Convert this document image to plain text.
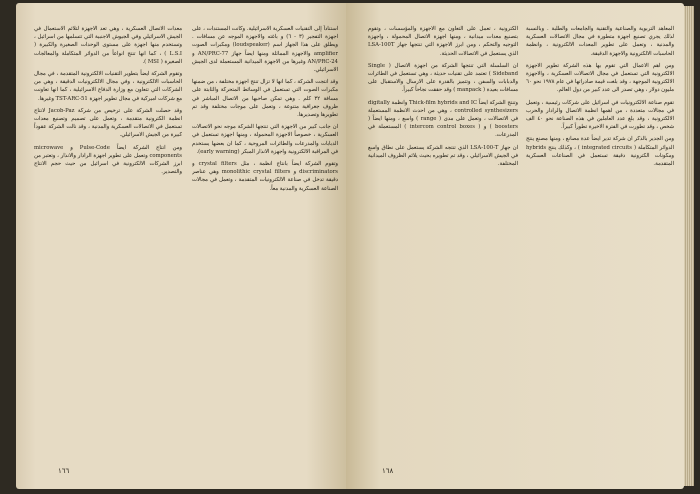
استناداً إلى التقنيات العسكرية الاسرائيلية. وكانت المستندات ، على اجهزة التفجير (٣ - ٦) و باغته والاجهزة الموجه عن مسافات . ويطلق على هذا الجهاز اسم (loudspeaker) ومكبرات الصوت amplifier والاجهزة المماثلة ومنها ايضاً جهاز AN/PRC-77 و AN/PRC-24 وغيرها من الاجهزة الميدانية المستعملة لدى الجيش الاسرائيلي.

وقد انتجت الشركة ، كما انها لا تزال تنتج اجهزة مختلفة ، من ضمنها مكبرات الصوت التي تستعمل في الوسائط المتحركة والثابتة على مسافة ٣٢ كلم . وهي تمكن صاحبها من الاتصال المباشر في ظروف جغرافية متنوعة ، وتعمل على موجات مختلفة وقد تم تطويرها وتصديرها.

ان جانب كبير من الاجهزة التي تنتجها الشركة موجه نحو الاتصالات العسكرية ، خصوصاً الاجهزة المحمولة ، ومنها اجهزة تستعمل في الدبابات والمدرعات والطائرات المروحية ، كما ان بعضها يستخدم في المراقبة الالكترونية واجهزة الانذار المبكر (early warning).

وتقوم الشركة ايضاً بانتاج انظمة ، مثل crystal filters و discriminators و monolithic crystal filters وهي عناصر دقيقة تدخل في صناعة الالكترونيات المتقدمة ، وتعمل في مجالات الصناعة العسكرية والمدنية معاً.

معدات الاتصال العسكرية ، وهي تعد الاجهزة لتلائم الاستعمال في الجيش الاسرائيلي وفي الجيوش الاجنبية التي تتسلمها من اسرائيل ، وتستخدم منها اجهزة على مستوى الوحدات الصغيرة والكبيرة ( L.S.I ) ، كما انها تنتج انواعاً من الدوائر المتكاملة والمعالجات الصغيرة ( MSI ).

وتقوم الشركة ايضاً بتطوير التقنيات الالكترونية المتقدمة ، في مجال الحاسبات الالكترونية ، وفي مجال الالكترونيات الدقيقة ، وهي من الشركات التي تتعاون مع وزارة الدفاع الاسرائيلية ، كما انها تعاونت مع شركات اميركية في مجال تطوير اجهزة TST-ARC-51 وغيرها.

وقد حصلت الشركة على ترخيص من شركة Jacob-Paz لانتاج انظمة الكترونية متقدمة ، وتعمل على تصميم وتصنيع معدات تستعمل في الاتصالات العسكرية والمدنية ، وقد نالت الشركة عقوداً كبيرة من الجيش الاسرائيلي.

ومن انتاج الشركة ايضاً Pulse-Code و microwave components وتعمل على تطوير اجهزة الرادار والانذار ، وتعتبر من ابرز الشركات الالكترونية في اسرائيل من حيث حجم الانتاج والتصدير.

١٦٦

المعاهد التربوية والصناعية والتقنية والجامعات والطلبة . وبالنسبة لذلك يجري تصنيع اجهزة متطورة في مجال الاتصالات العسكرية والمدنية ، وتعمل على تطوير المعدات الالكترونية ، وانظمة الحاسبات الالكترونية والاجهزة الدقيقة.

ومن اهم الاعمال التي تقوم بها هذه الشركة تطوير الاجهزة الالكترونية التي تستعمل في مجال الاتصالات العسكرية ، والاجهزة الالكترونية الموجهة ، وقد بلغت قيمة صادراتها في عام ١٩٧٨ نحو ٦٠ مليون دولار ، وهي تصدر الى عدد كبير من دول العالم.

تقوم صناعة الالكترونيات في اسرائيل على شركات رئيسية ، وتعمل في مجالات متعددة ، من اهمها انظمة الاتصال والرادار والحرب الالكترونية ، وقد بلغ عدد العاملين في هذه الصناعة نحو ٤٠ الف شخص ، وقد تطورت في الفترة الاخيرة تطوراً كبيراً.

ومن الجدير بالذكر ان شركة تدير ايضاً عدة مصانع ، ومنها مصنع ينتج الدوائر المتكاملة ( integrated circuits ) ، وكذلك ينتج hybrids ومكونات الكترونية دقيقة تستعمل في الصناعات العسكرية المتقدمة.

الكترونية ، تعمل على التعاون مع الاجهزة والمؤسسات ، وتقوم بتصنيع معدات ميدانية ، ومنها اجهزة الاتصال المحمولة ، واجهزة التوجيه والتحكم ، ومن ابرز الاجهزة التي تنتجها جهاز LSA-100T الذي يستعمل في الاتصالات الحديثة.

ان السلسلة التي تنتجها الشركة من اجهزة الاتصال ( Single Sideband ) تعتمد على تقنيات حديثة ، وهي تستعمل في الطائرات والدبابات والسفن ، وتتميز بالقدرة على الارسال والاستقبال على مسافات بعيدة ( manpack ) وقد حققت نجاحاً كبيراً.

وتنتج الشركة ايضاً Thick-film hybrids and IC وانظمة digitally controlled synthesizers ، وهي من احدث الانظمة المستعملة في الاتصالات ، وتعمل على مدى ( range ) واسع ، ومنها ايضاً ( boosters ) و ( intercom control boxes ) المستعملة في المدرعات.

ان جهاز LSA-100-T الذي تنتجه الشركة يستعمل على نطاق واسع في الجيش الاسرائيلي ، وقد تم تطويره بحيث يلائم الظروف الميدانية المختلفة.

١٦٨
